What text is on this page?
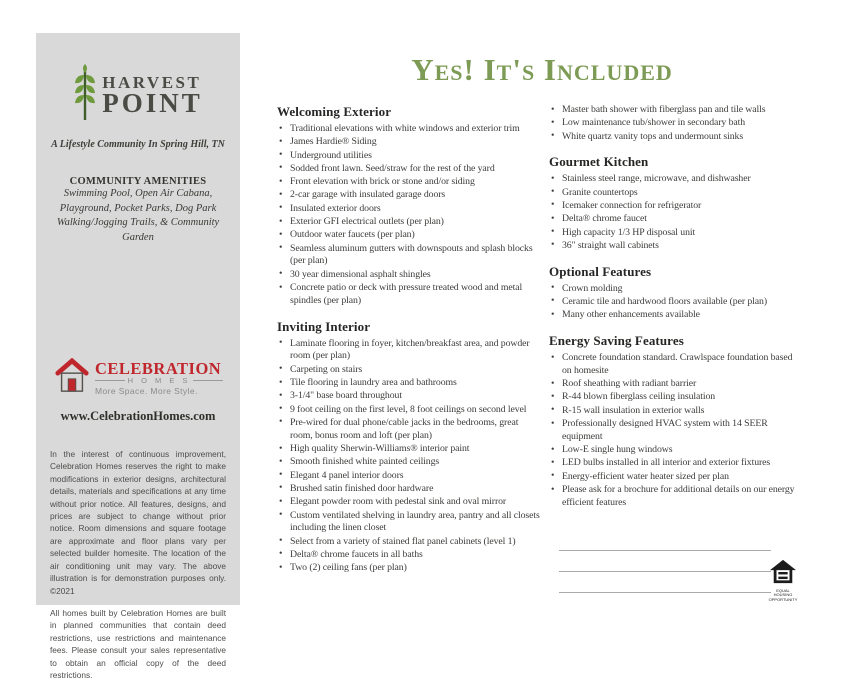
HARVEST
POINT
A Lifestyle Community In Spring Hill, TN
COMMUNITY AMENITIES
Swimming Pool, Open Air Cabana,
Playground, Pocket Parks, Dog Park
Walking/Jogging Trails, & Community Garden
CELEBRATION
H O M E S
More Space. More Style.
www.CelebrationHomes.com

In the interest of continuous improvement, Celebration Homes reserves the right to make modifications in exterior designs, architectural details, materials and specifications at any time without prior notice. All features, designs, and prices are subject to change without prior notice. Room dimensions and square footage are approximate and floor plans vary per selected builder homesite. The location of the air conditioning unit may vary. The above illustration is for demonstration purposes only. ©2021

All homes built by Celebration Homes are built in planned communities that contain deed restrictions, use restrictions and maintenance fees. Please consult your sales representative to obtain an official copy of the deed restrictions.

Yes! It's Included
Welcoming Exterior
• Traditional elevations with white windows and exterior trim
• James Hardie® Siding
• Underground utilities
• Sodded front lawn. Seed/straw for the rest of the yard
• Front elevation with brick or stone and/or siding
• 2-car garage with insulated garage doors
• Insulated exterior doors
• Exterior GFI electrical outlets (per plan)
• Outdoor water faucets (per plan)
• Seamless aluminum gutters with downspouts and splash blocks (per plan)
• 30 year dimensional asphalt shingles
• Concrete patio or deck with pressure treated wood and metal spindles (per plan)
Inviting Interior
• Laminate flooring in foyer, kitchen/breakfast area, and powder room (per plan)
• Carpeting on stairs
• Tile flooring in laundry area and bathrooms
• 3-1/4" base board throughout
• 9 foot ceiling on the first level, 8 foot ceilings on second level
• Pre-wired for dual phone/cable jacks in the bedrooms, great room, bonus room and loft (per plan)
• High quality Sherwin-Williams® interior paint
• Smooth finished white painted ceilings
• Elegant 4 panel interior doors
• Brushed satin finished door hardware
• Elegant powder room with pedestal sink and oval mirror
• Custom ventilated shelving in laundry area, pantry and all closets including the linen closet
• Select from a variety of stained flat panel cabinets (level 1)
• Delta® chrome faucets in all baths
• Two (2) ceiling fans (per plan)
• Master bath shower with fiberglass pan and tile walls
• Low maintenance tub/shower in secondary bath
• White quartz vanity tops and undermount sinks
Gourmet Kitchen
• Stainless steel range, microwave, and dishwasher
• Granite countertops
• Icemaker connection for refrigerator
• Delta® chrome faucet
• High capacity 1/3 HP disposal unit
• 36" straight wall cabinets
Optional Features
• Crown molding
• Ceramic tile and hardwood floors available (per plan)
• Many other enhancements available
Energy Saving Features
• Concrete foundation standard. Crawlspace foundation based on homesite
• Roof sheathing with radiant barrier
• R-44 blown fiberglass ceiling insulation
• R-15 wall insulation in exterior walls
• Professionally designed HVAC system with 14 SEER equipment
• Low-E single hung windows
• LED bulbs installed in all interior and exterior fixtures
• Energy-efficient water heater sized per plan
• Please ask for a brochure for additional details on our energy efficient features
EQUAL HOUSING
OPPORTUNITY
